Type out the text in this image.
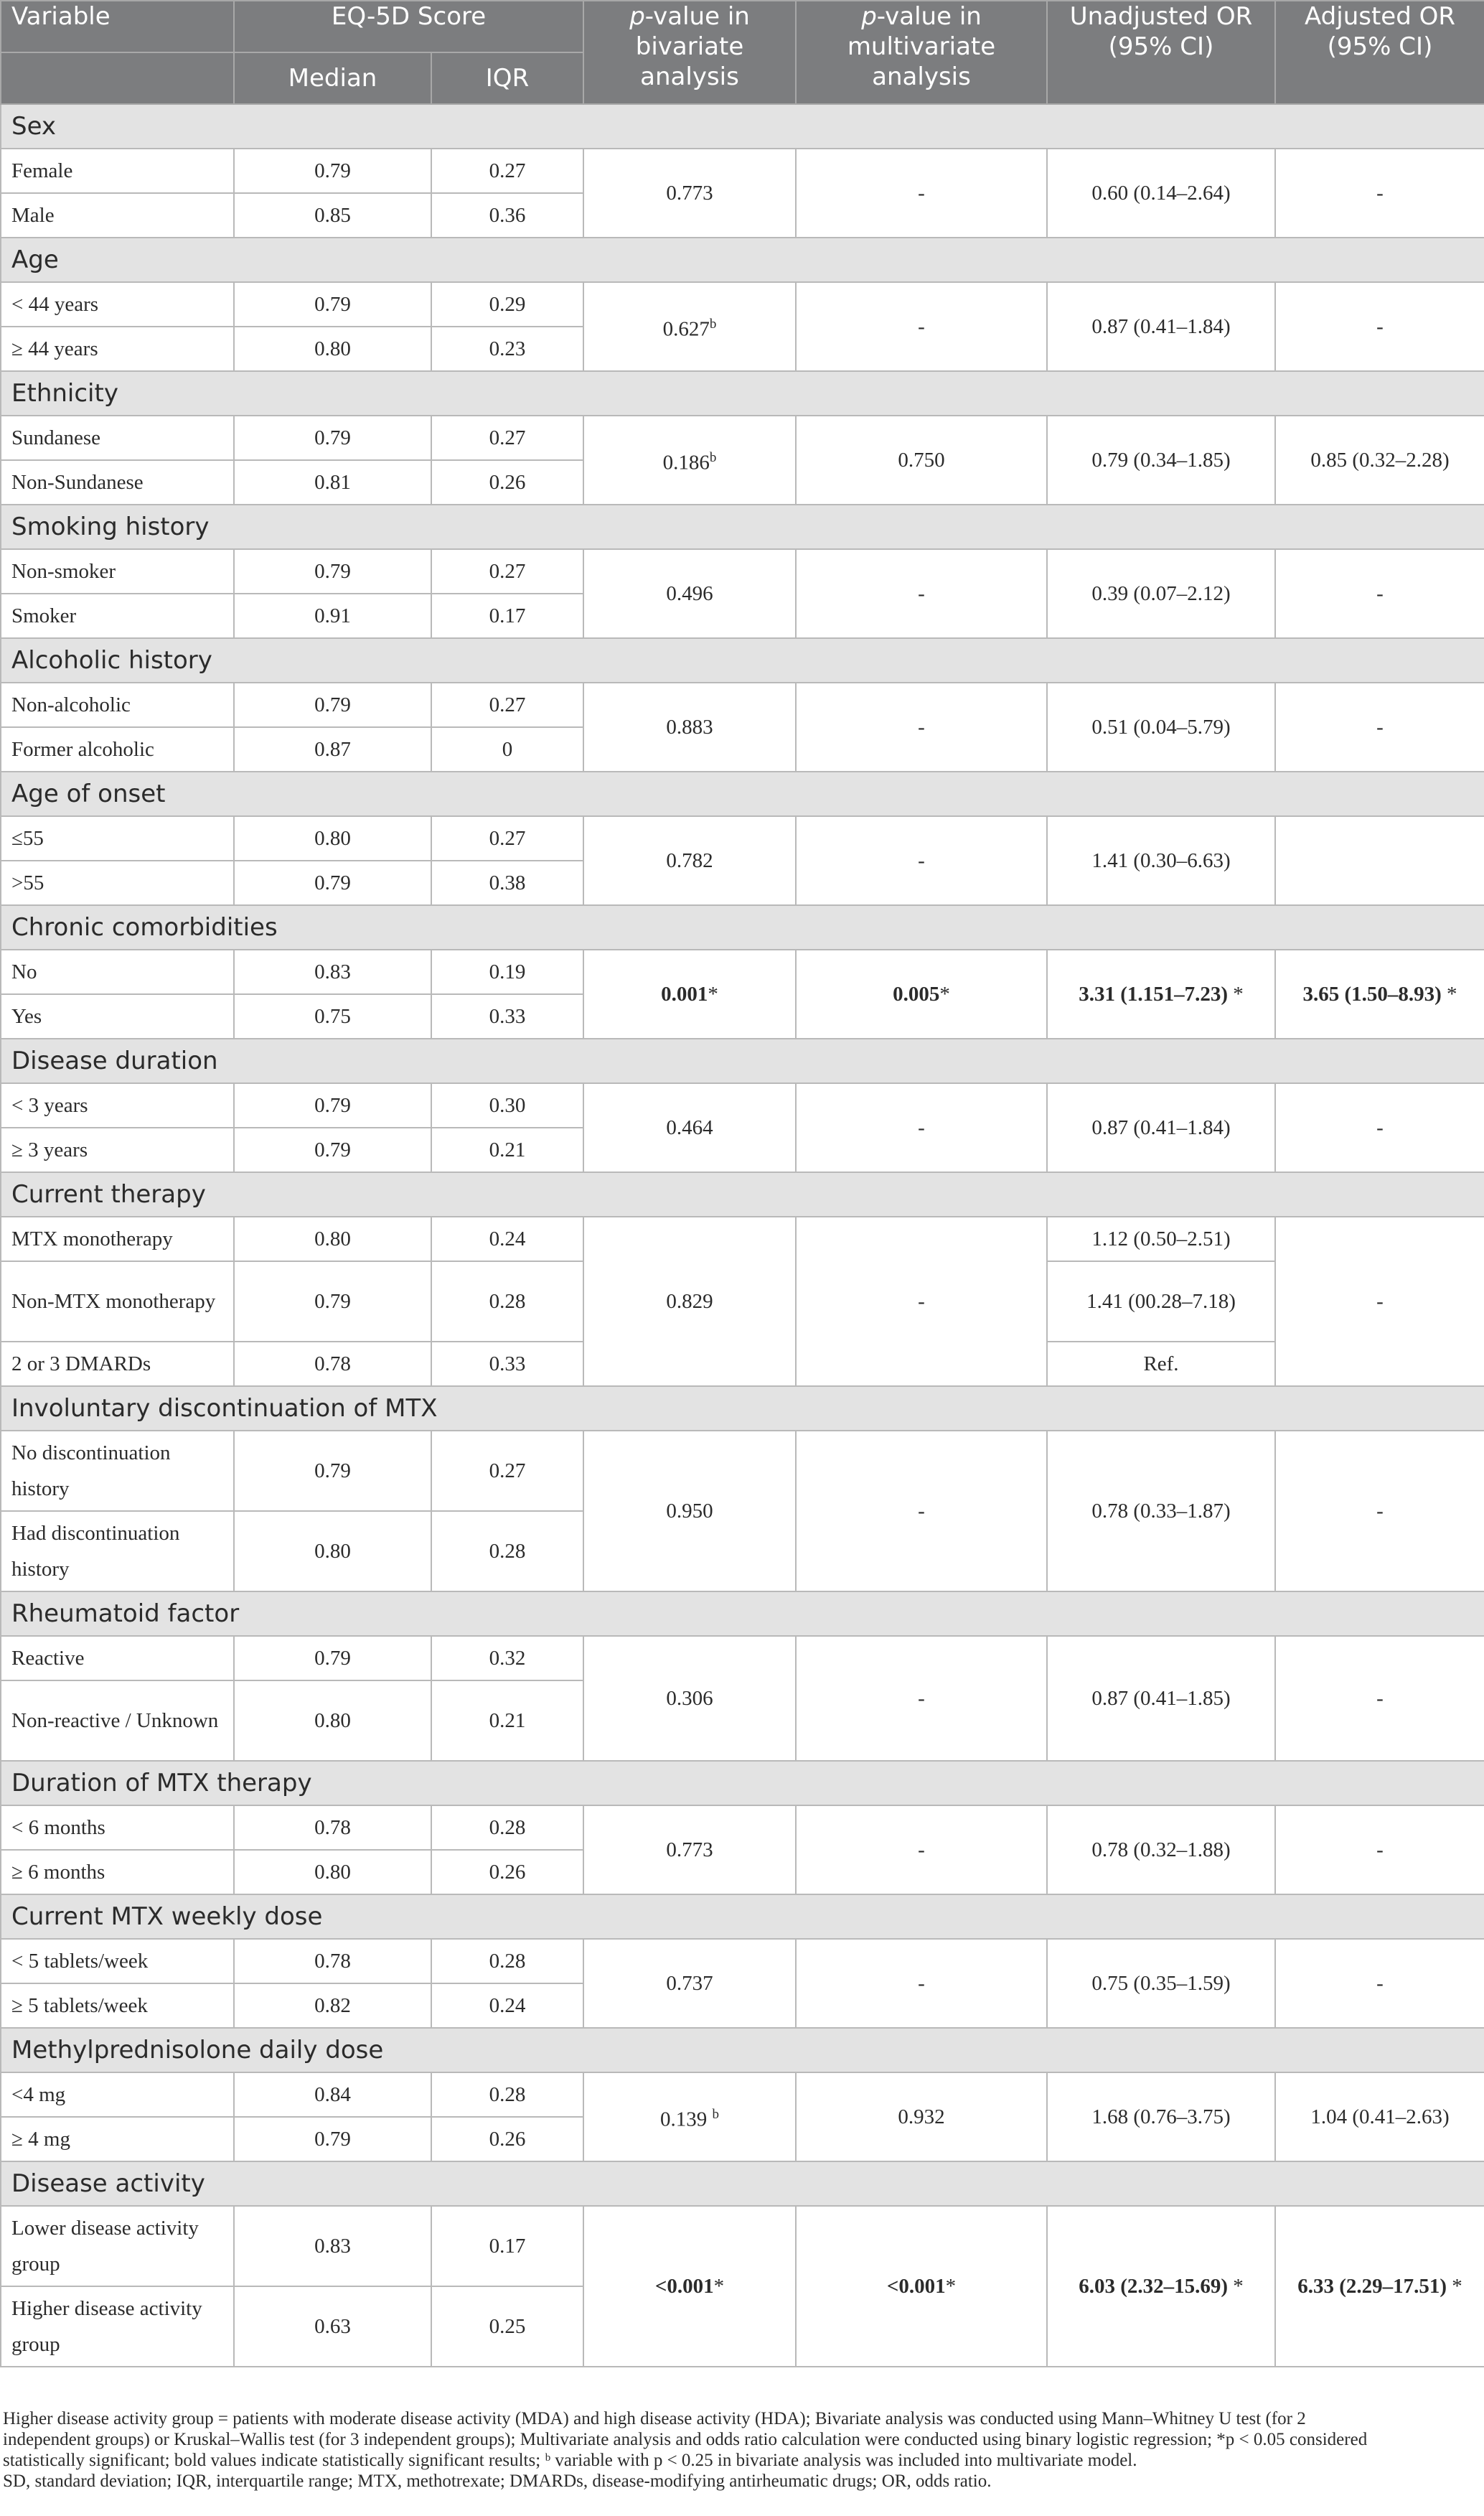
Variable	EQ-5D Score		p-value in bivariate analysis	p-value in multivariate analysis	Unadjusted OR (95% CI)	Adjusted OR (95% CI)
	Median	IQR				
Sex						
Female	0.79	0.27	0.773	-	0.60 (0.14–2.64)	-
Male	0.85	0.36				
Age						
< 44 years	0.79	0.29	0.627$^b$	-	0.87 (0.41–1.84)	-
≥ 44 years	0.80	0.23				
Ethnicity						
Sundanese	0.79	0.27	0.186$^b$	0.750	0.79 (0.34–1.85)	0.85 (0.32–2.28)
Non-Sundanese	0.81	0.26				
Smoking history						
Non-smoker	0.79	0.27	0.496	-	0.39 (0.07–2.12)	-
Smoker	0.91	0.17				
Alcoholic history						
Non-alcoholic	0.79	0.27	0.883	-	0.51 (0.04–5.79)	-
Former alcoholic	0.87	0				
Age of onset						
≤55	0.80	0.27	0.782	-	1.41 (0.30–6.63)	
>55	0.79	0.38				
Chronic comorbidities						
No	0.83	0.19	0.001*	0.005*	3.31 (1.151–7.23) *	3.65 (1.50–8.93) *
Yes	0.75	0.33				
Disease duration						
< 3 years	0.79	0.30	0.464	-	0.87 (0.41–1.84)	-
≥ 3 years	0.79	0.21				
Current therapy						
MTX monotherapy	0.80	0.24	0.829	-	1.12 (0.50–2.51)	-
Non-MTX monotherapy	0.79	0.28			1.41 (00.28–7.18)	
2 or 3 DMARDs	0.78	0.33			Ref.	
Involuntary discontinuation of MTX						
No discontinuation history	0.79	0.27	0.950	-	0.78 (0.33–1.87)	-
Had discontinuation history	0.80	0.28				
Rheumatoid factor						
Reactive	0.79	0.32	0.306	-	0.87 (0.41–1.85)	-
Non-reactive / Unknown	0.80	0.21				
Duration of MTX therapy						
< 6 months	0.78	0.28	0.773	-	0.78 (0.32–1.88)	-
≥ 6 months	0.80	0.26				
Current MTX weekly dose						
< 5 tablets/week	0.78	0.28	0.737	-	0.75 (0.35–1.59)	-
≥ 5 tablets/week	0.82	0.24				
Methylprednisolone daily dose						
<4 mg	0.84	0.28	0.139 $^b$	0.932	1.68 (0.76–3.75)	1.04 (0.41–2.63)
≥ 4 mg	0.79	0.26				
Disease activity						
Lower disease activity group	0.83	0.17	<0.001*	<0.001*	6.03 (2.32–15.69) *	6.33 (2.29–17.51) *
Higher disease activity group	0.63	0.25				
Higher disease activity group = patients with moderate disease activity (MDA) and high disease activity (HDA); Bivariate analysis was conducted using Mann–Whitney U test (for 2
independent groups) or Kruskal–Wallis test (for 3 independent groups); Multivariate analysis and odds ratio calculation were conducted using binary logistic regression; *p < 0.05 considered
statistically significant; bold values indicate statistically significant results; ᵇ variable with p < 0.25 in bivariate analysis was included into multivariate model.
SD, standard deviation; IQR, interquartile range; MTX, methotrexate; DMARDs, disease-modifying antirheumatic drugs; OR, odds ratio.
